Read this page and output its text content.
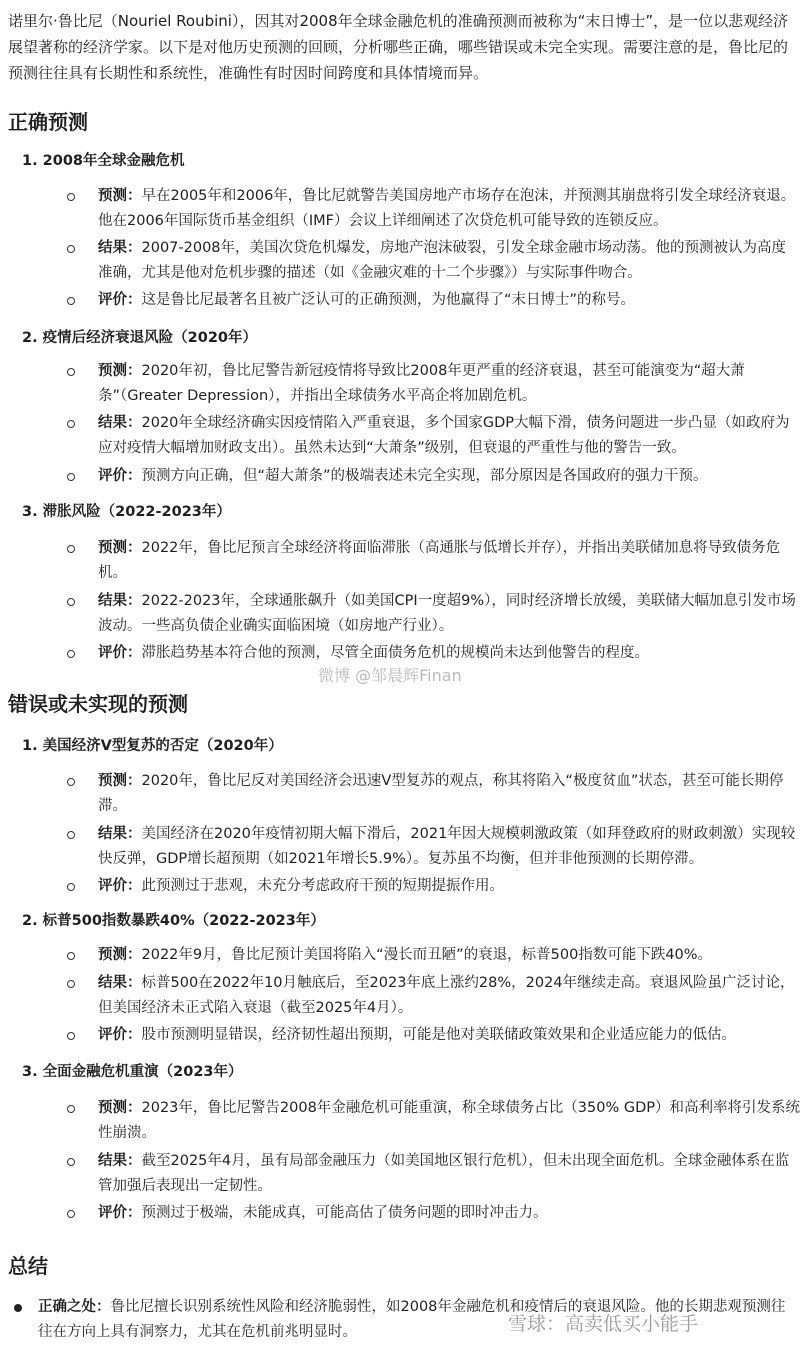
诺里尔·鲁比尼（Nouriel Roubini），因其对2008年全球金融危机的准确预测而被称为“末日博士”，是一位以悲观经济展望著称的经济学家。以下是对他历史预测的回顾，分析哪些正确，哪些错误或未完全实现。需要注意的是，鲁比尼的预测往往具有长期性和系统性，准确性有时因时间跨度和具体情境而异。

正确预测
1. 2008年全球金融危机

预测：早在2005年和2006年，鲁比尼就警告美国房地产市场存在泡沫，并预测其崩盘将引发全球经济衰退。他在2006年国际货币基金组织（IMF）会议上详细阐述了次贷危机可能导致的连锁反应。

结果：2007-2008年，美国次贷危机爆发，房地产泡沫破裂，引发全球金融市场动荡。他的预测被认为高度准确，尤其是他对危机步骤的描述（如《金融灾难的十二个步骤》）与实际事件吻合。

评价：这是鲁比尼最著名且被广泛认可的正确预测，为他赢得了“末日博士”的称号。

2. 疫情后经济衰退风险（2020年）

预测：2020年初，鲁比尼警告新冠疫情将导致比2008年更严重的经济衰退，甚至可能演变为“超大萧条”（Greater Depression），并指出全球债务水平高企将加剧危机。

结果：2020年全球经济确实因疫情陷入严重衰退，多个国家GDP大幅下滑，债务问题进一步凸显（如政府为应对疫情大幅增加财政支出）。虽然未达到“大萧条”级别，但衰退的严重性与他的警告一致。

评价：预测方向正确，但“超大萧条”的极端表述未完全实现，部分原因是各国政府的强力干预。

3. 滞胀风险（2022-2023年）

预测：2022年，鲁比尼预言全球经济将面临滞胀（高通胀与低增长并存），并指出美联储加息将导致债务危机。

结果：2022-2023年，全球通胀飙升（如美国CPI一度超9%），同时经济增长放缓，美联储大幅加息引发市场波动。一些高负债企业确实面临困境（如房地产行业）。

评价：滞胀趋势基本符合他的预测，尽管全面债务危机的规模尚未达到他警告的程度。

错误或未实现的预测
1. 美国经济V型复苏的否定（2020年）

预测：2020年，鲁比尼反对美国经济会迅速V型复苏的观点，称其将陷入“极度贫血”状态，甚至可能长期停滞。

结果：美国经济在2020年疫情初期大幅下滑后，2021年因大规模刺激政策（如拜登政府的财政刺激）实现较快反弹，GDP增长超预期（如2021年增长5.9%）。复苏虽不均衡，但并非他预测的长期停滞。

评价：此预测过于悲观，未充分考虑政府干预的短期提振作用。

2. 标普500指数暴跌40%（2022-2023年）

预测：2022年9月，鲁比尼预计美国将陷入“漫长而丑陋”的衰退，标普500指数可能下跌40%。

结果：标普500在2022年10月触底后，至2023年底上涨约28%，2024年继续走高。衰退风险虽广泛讨论，但美国经济未正式陷入衰退（截至2025年4月）。

评价：股市预测明显错误，经济韧性超出预期，可能是他对美联储政策效果和企业适应能力的低估。

3. 全面金融危机重演（2023年）

预测：2023年，鲁比尼警告2008年金融危机可能重演，称全球债务占比（350% GDP）和高利率将引发系统性崩溃。

结果：截至2025年4月，虽有局部金融压力（如美国地区银行危机），但未出现全面危机。全球金融体系在监管加强后表现出一定韧性。

评价：预测过于极端，未能成真，可能高估了债务问题的即时冲击力。

总结

正确之处：鲁比尼擅长识别系统性风险和经济脆弱性，如2008年金融危机和疫情后的衰退风险。他的长期悲观预测往往在方向上具有洞察力，尤其在危机前兆明显时。

微博 @邹晨辉Finan
雪球：高卖低买小能手
